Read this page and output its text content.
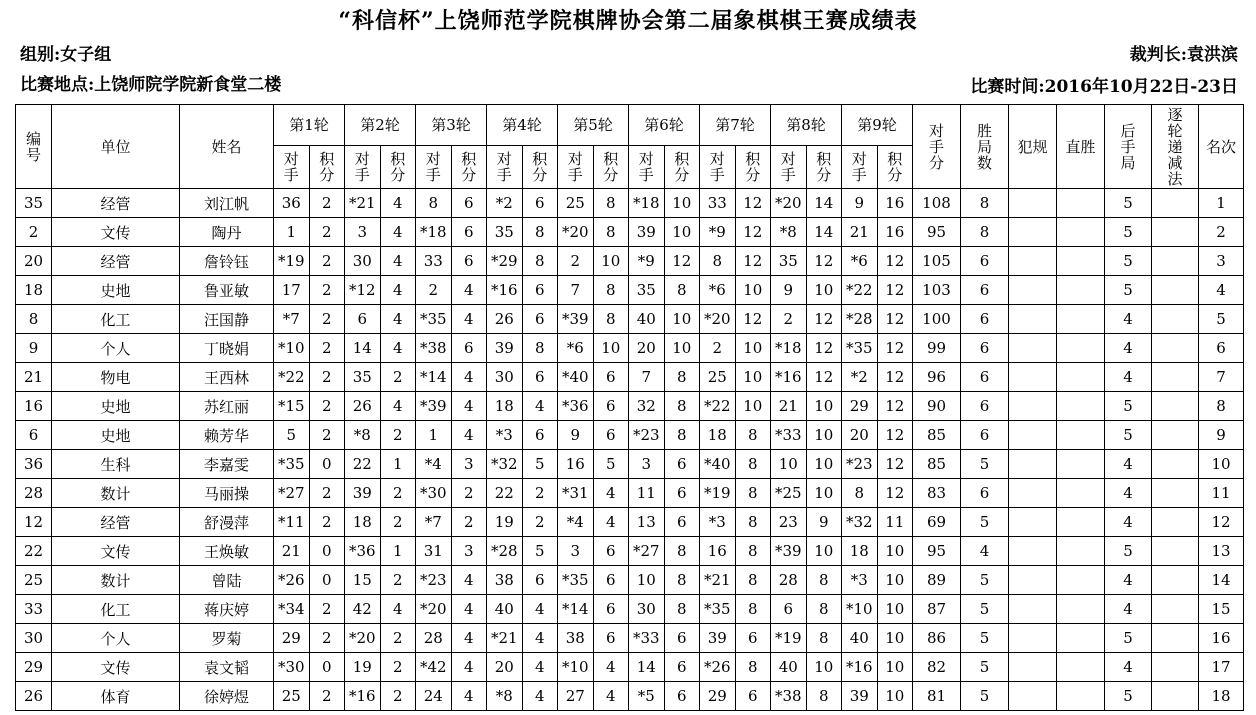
“科信杯”上饶师范学院棋牌协会第二届象棋棋王赛成绩表
组别:女子组
比赛地点:上饶师院学院新食堂二楼
裁判长:袁洪滨
比赛时间:2016年10月22日-23日
编号	单位	姓名	第1轮		第2轮		第3轮		第4轮		第5轮		第6轮		第7轮		第8轮		第9轮		对手分	胜局数	犯规	直胜	后手局	逐轮递减法	名次

			对手	积分	对手	积分	对手	积分	对手	积分	对手	积分	对手	积分	对手	积分	对手	积分	对手	积分							

35	经管	刘江帆	36	2	*21	4	8	6	*2	6	25	8	*18	10	33	12	*20	14	9	16	108	8			5		1
2	文传	陶丹	1	2	3	4	*18	6	35	8	*20	8	39	10	*9	12	*8	14	21	16	95	8			5		2
20	经管	詹铃钰	*19	2	30	4	33	6	*29	8	2	10	*9	12	8	12	35	12	*6	12	105	6			5		3
18	史地	鲁亚敏	17	2	*12	4	2	4	*16	6	7	8	35	8	*6	10	9	10	*22	12	103	6			5		4
8	化工	汪国静	*7	2	6	4	*35	4	26	6	*39	8	40	10	*20	12	2	12	*28	12	100	6			4		5
9	个人	丁晓娟	*10	2	14	4	*38	6	39	8	*6	10	20	10	2	10	*18	12	*35	12	99	6			4		6
21	物电	王西林	*22	2	35	2	*14	4	30	6	*40	6	7	8	25	10	*16	12	*2	12	96	6			4		7
16	史地	苏红丽	*15	2	26	4	*39	4	18	4	*36	6	32	8	*22	10	21	10	29	12	90	6			5		8
6	史地	赖芳华	5	2	*8	2	1	4	*3	6	9	6	*23	8	18	8	*33	10	20	12	85	6			5		9
36	生科	李嘉雯	*35	0	22	1	*4	3	*32	5	16	5	3	6	*40	8	10	10	*23	12	85	5			4		10
28	数计	马丽操	*27	2	39	2	*30	2	22	2	*31	4	11	6	*19	8	*25	10	8	12	83	6			4		11
12	经管	舒漫萍	*11	2	18	2	*7	2	19	2	*4	4	13	6	*3	8	23	9	*32	11	69	5			4		12
22	文传	王焕敏	21	0	*36	1	31	3	*28	5	3	6	*27	8	16	8	*39	10	18	10	95	4			5		13
25	数计	曾陆	*26	0	15	2	*23	4	38	6	*35	6	10	8	*21	8	28	8	*3	10	89	5			4		14
33	化工	蒋庆婷	*34	2	42	4	*20	4	40	4	*14	6	30	8	*35	8	6	8	*10	10	87	5			4		15
30	个人	罗菊	29	2	*20	2	28	4	*21	4	38	6	*33	6	39	6	*19	8	40	10	86	5			5		16
29	文传	袁文韬	*30	0	19	2	*42	4	20	4	*10	4	14	6	*26	8	40	10	*16	10	82	5			4		17
26	体育	徐婷煜	25	2	*16	2	24	4	*8	4	27	4	*5	6	29	6	*38	8	39	10	81	5			5		18
